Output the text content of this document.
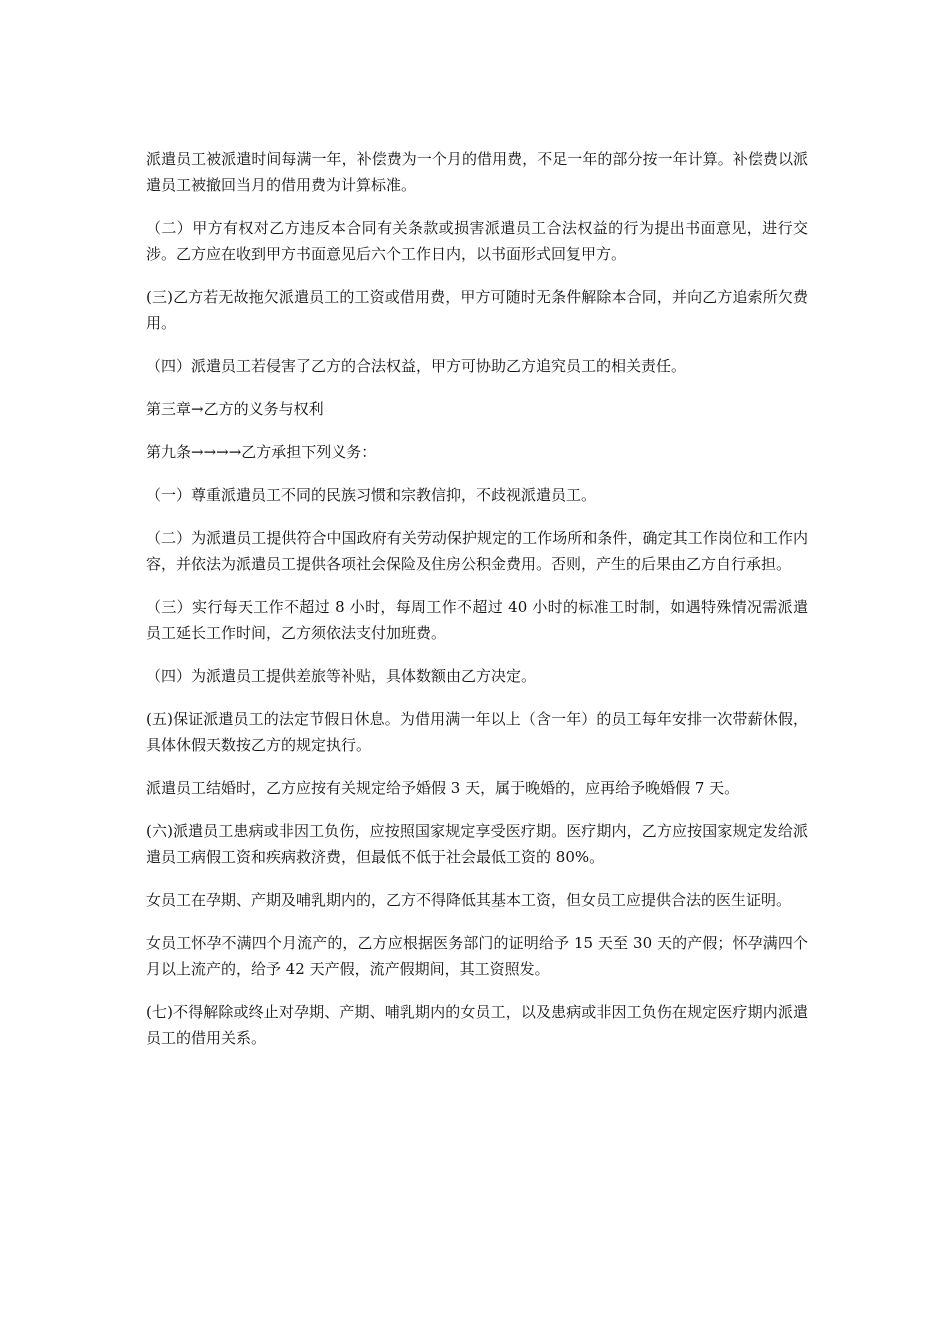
派遣员工被派遣时间每满一年，补偿费为一个月的借用费，不足一年的部分按一年计算。补偿费以派遣员工被撤回当月的借用费为计算标准。

（二）甲方有权对乙方违反本合同有关条款或损害派遣员工合法权益的行为提出书面意见，进行交涉。乙方应在收到甲方书面意见后六个工作日内，以书面形式回复甲方。

(三)乙方若无故拖欠派遣员工的工资或借用费，甲方可随时无条件解除本合同，并向乙方追索所欠费用。

（四）派遣员工若侵害了乙方的合法权益，甲方可协助乙方追究员工的相关责任。

第三章→乙方的义务与权利

第九条→→→→乙方承担下列义务：

（一）尊重派遣员工不同的民族习惯和宗教信抑，不歧视派遣员工。

（二）为派遣员工提供符合中国政府有关劳动保护规定的工作场所和条件，确定其工作岗位和工作内容，并依法为派遣员工提供各项社会保险及住房公积金费用。否则，产生的后果由乙方自行承担。

（三）实行每天工作不超过 8 小时，每周工作不超过 40 小时的标准工时制，如遇特殊情况需派遣员工延长工作时间，乙方须依法支付加班费。

（四）为派遣员工提供差旅等补贴，具体数额由乙方决定。

(五)保证派遣员工的法定节假日休息。为借用满一年以上（含一年）的员工每年安排一次带薪休假，具体休假天数按乙方的规定执行。

派遣员工结婚时，乙方应按有关规定给予婚假 3 天，属于晚婚的，应再给予晚婚假 7 天。

(六)派遣员工患病或非因工负伤，应按照国家规定享受医疗期。医疗期内，乙方应按国家规定发给派遣员工病假工资和疾病救济费，但最低不低于社会最低工资的 80%。

女员工在孕期、产期及哺乳期内的，乙方不得降低其基本工资，但女员工应提供合法的医生证明。

女员工怀孕不满四个月流产的，乙方应根据医务部门的证明给予 15 天至 30 天的产假；怀孕满四个月以上流产的，给予 42 天产假，流产假期间，其工资照发。

(七)不得解除或终止对孕期、产期、哺乳期内的女员工，以及患病或非因工负伤在规定医疗期内派遣员工的借用关系。
